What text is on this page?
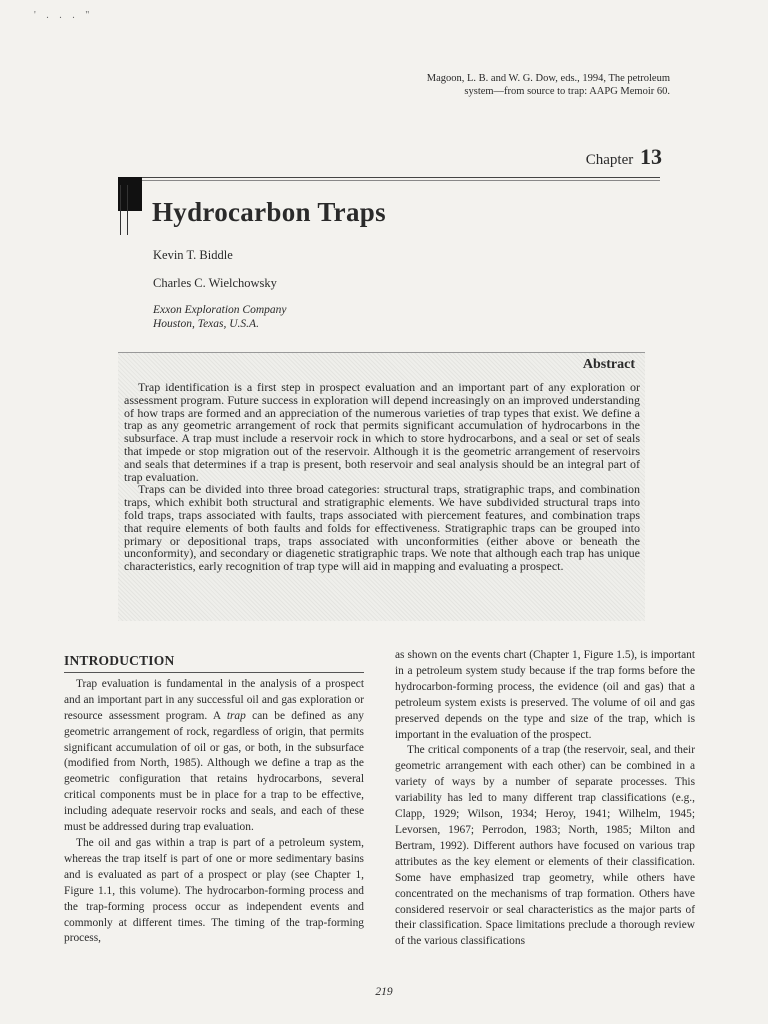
' . . . "
Magoon, L. B. and W. G. Dow, eds., 1994, The petroleum
system—from source to trap: AAPG Memoir 60.
Chapter 13
Hydrocarbon Traps
Kevin T. Biddle
Charles C. Wielchowsky
Exxon Exploration Company
Houston, Texas, U.S.A.
Abstract

Trap identification is a first step in prospect evaluation and an important part of any exploration or assessment program. Future success in exploration will depend increasingly on an improved understanding of how traps are formed and an appreciation of the numerous varieties of trap types that exist. We define a trap as any geometric arrangement of rock that permits significant accumulation of hydrocarbons in the subsurface. A trap must include a reservoir rock in which to store hydrocarbons, and a seal or set of seals that impede or stop migration out of the reservoir. Although it is the geometric arrangement of reservoirs and seals that determines if a trap is present, both reservoir and seal analysis should be an integral part of trap evaluation.

Traps can be divided into three broad categories: structural traps, stratigraphic traps, and combination traps, which exhibit both structural and stratigraphic elements. We have subdivided structural traps into fold traps, traps associated with faults, traps associated with piercement features, and combination traps that require elements of both faults and folds for effectiveness. Stratigraphic traps can be grouped into primary or depositional traps, traps associated with unconformities (either above or beneath the unconformity), and secondary or diagenetic stratigraphic traps. We note that although each trap has unique characteristics, early recognition of trap type will aid in mapping and evaluating a prospect.

INTRODUCTION

Trap evaluation is fundamental in the analysis of a prospect and an important part in any successful oil and gas exploration or resource assessment program. A trap can be defined as any geometric arrangement of rock, regardless of origin, that permits significant accumulation of oil or gas, or both, in the subsurface (modified from North, 1985). Although we define a trap as the geometric configuration that retains hydrocarbons, several critical components must be in place for a trap to be effective, including adequate reservoir rocks and seals, and each of these must be addressed during trap evaluation.

The oil and gas within a trap is part of a petroleum system, whereas the trap itself is part of one or more sedimentary basins and is evaluated as part of a prospect or play (see Chapter 1, Figure 1.1, this volume). The hydrocarbon-forming process and the trap-forming process occur as independent events and commonly at different times. The timing of the trap-forming process,

as shown on the events chart (Chapter 1, Figure 1.5), is important in a petroleum system study because if the trap forms before the hydrocarbon-forming process, the evidence (oil and gas) that a petroleum system exists is preserved. The volume of oil and gas preserved depends on the type and size of the trap, which is important in the evaluation of the prospect.

The critical components of a trap (the reservoir, seal, and their geometric arrangement with each other) can be combined in a variety of ways by a number of separate processes. This variability has led to many different trap classifications (e.g., Clapp, 1929; Wilson, 1934; Heroy, 1941; Wilhelm, 1945; Levorsen, 1967; Perrodon, 1983; North, 1985; Milton and Bertram, 1992). Different authors have focused on various trap attributes as the key element or elements of their classification. Some have emphasized trap geometry, while others have concentrated on the mechanisms of trap formation. Others have considered reservoir or seal characteristics as the major parts of their classification. Space limitations preclude a thorough review of the various classifications

219
